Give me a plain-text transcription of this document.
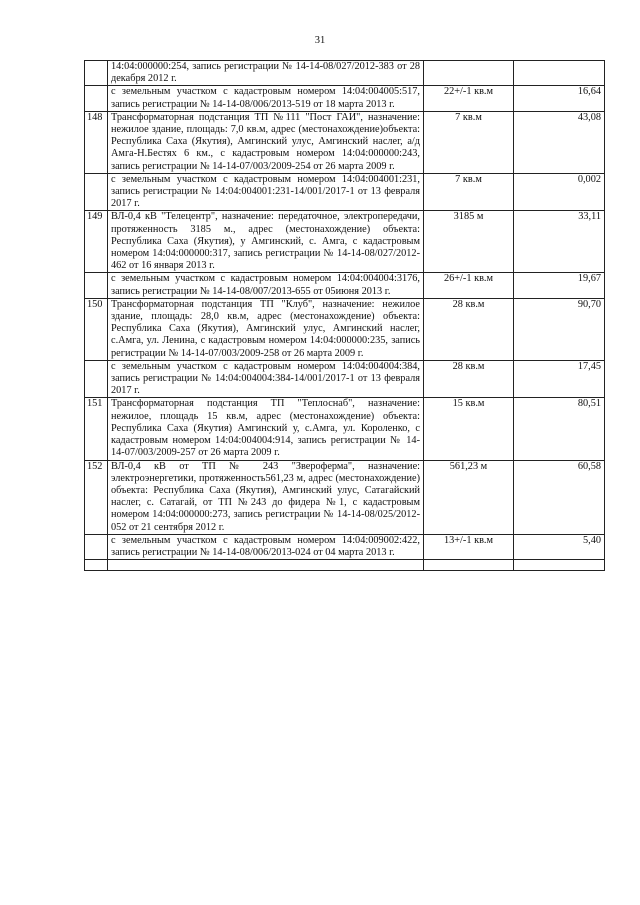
31
	14:04:000000:254, запись регистрации № 14-14-08/027/2012-383 от 28 декабря 2012 г.		
	с земельным участком с кадастровым номером 14:04:004005:517, запись регистрации № 14-14-08/006/2013-519 от 18 марта 2013 г.	22+/-1 кв.м	16,64
148	Трансформаторная подстанция ТП №111 "Пост ГАИ", назначение: нежилое здание, площадь: 7,0 кв.м, адрес (местонахождение)объекта: Республика Саха (Якутия), Амгинский улус, Амгинский наслег, а/д Амга-Н.Бестях 6 км., с кадастровым номером 14:04:000000:243, запись регистрации № 14-14-07/003/2009-254 от 26 марта 2009 г.	7 кв.м	43,08
	с земельным участком с кадастровым номером 14:04:004001:231, запись регистрации № 14:04:004001:231-14/001/2017-1 от 13 февраля 2017 г.	7 кв.м	0,002
149	ВЛ-0,4 кВ "Телецентр", назначение: передаточное, электропередачи, протяженность 3185 м., адрес (местонахождение) объекта: Республика Саха (Якутия), у Амгинский, с. Амга, с кадастровым номером 14:04:000000:317, запись регистрации № 14-14-08/027/2012-462 от 16 января 2013 г.	3185 м	33,11
	с земельным участком с кадастровым номером 14:04:004004:3176, запись регистрации № 14-14-08/007/2013-655 от 05июня 2013 г.	26+/-1 кв.м	19,67
150	Трансформаторная подстанция ТП "Клуб", назначение: нежилое здание, площадь: 28,0 кв.м, адрес (местонахождение) объекта: Республика Саха (Якутия), Амгинский улус, Амгинский наслег, с.Амга, ул. Ленина, с кадастровым номером 14:04:000000:235, запись регистрации № 14-14-07/003/2009-258 от 26 марта 2009 г.	28 кв.м	90,70
	с земельным участком с кадастровым номером 14:04:004004:384, запись регистрации № 14:04:004004:384-14/001/2017-1 от 13 февраля 2017 г.	28 кв.м	17,45
151	Трансформаторная подстанция ТП "Теплоснаб", назначение: нежилое, площадь 15 кв.м, адрес (местонахождение) объекта: Республика Саха (Якутия) Амгинский у, с.Амга, ул. Короленко, с кадастровым номером 14:04:004004:914, запись регистрации № 14-14-07/003/2009-257 от 26 марта 2009 г.	15 кв.м	80,51
152	ВЛ-0,4 кВ от ТП № 243 "Звероферма", назначение: электроэнергетики, протяженность561,23 м, адрес (местонахождение) объекта: Республика Саха (Якутия), Амгинский улус, Сатагайский наслег, с. Сатагай, от ТП №243 до фидера №1, с кадастровым номером 14:04:000000:273, запись регистрации № 14-14-08/025/2012-052 от 21 сентября 2012 г.	561,23 м	60,58
	с земельным участком с кадастровым номером 14:04:009002:422, запись регистрации № 14-14-08/006/2013-024 от 04 марта 2013 г.	13+/-1 кв.м	5,40
